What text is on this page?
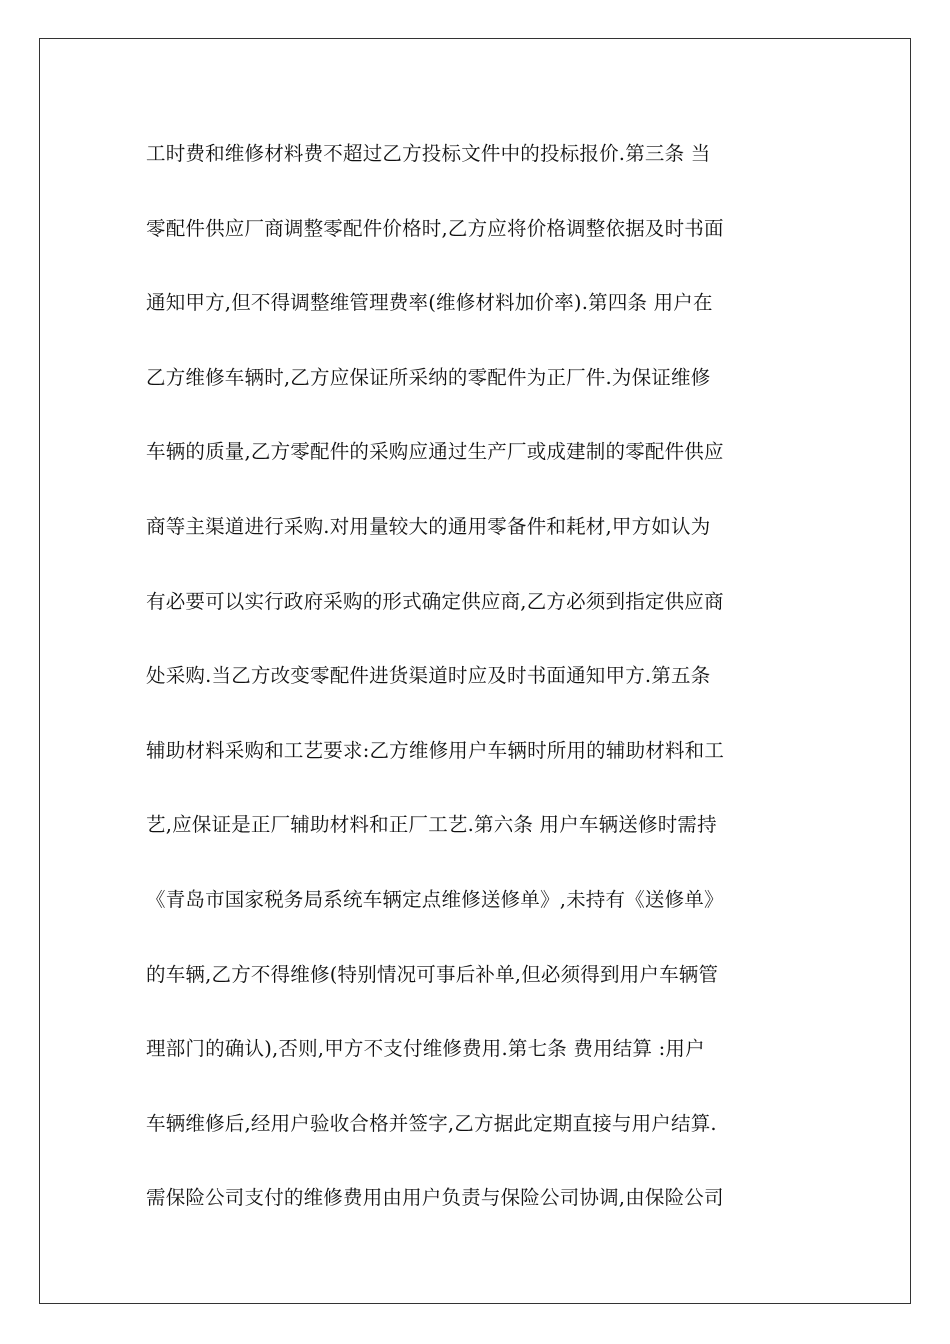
工时费和维修材料费不超过乙方投标文件中的投标报价.第三条 当
零配件供应厂商调整零配件价格时,乙方应将价格调整依据及时书面
通知甲方,但不得调整维管理费率(维修材料加价率).第四条 用户在
乙方维修车辆时,乙方应保证所采纳的零配件为正厂件.为保证维修
车辆的质量,乙方零配件的采购应通过生产厂或成建制的零配件供应
商等主渠道进行采购.对用量较大的通用零备件和耗材,甲方如认为
有必要可以实行政府采购的形式确定供应商,乙方必须到指定供应商
处采购.当乙方改变零配件进货渠道时应及时书面通知甲方.第五条
辅助材料采购和工艺要求:乙方维修用户车辆时所用的辅助材料和工
艺,应保证是正厂辅助材料和正厂工艺.第六条 用户车辆送修时需持
《青岛市国家税务局系统车辆定点维修送修单》,未持有《送修单》
的车辆,乙方不得维修(特别情况可事后补单,但必须得到用户车辆管
理部门的确认),否则,甲方不支付维修费用.第七条 费用结算 :用户
车辆维修后,经用户验收合格并签字,乙方据此定期直接与用户结算.
需保险公司支付的维修费用由用户负责与保险公司协调,由保险公司
